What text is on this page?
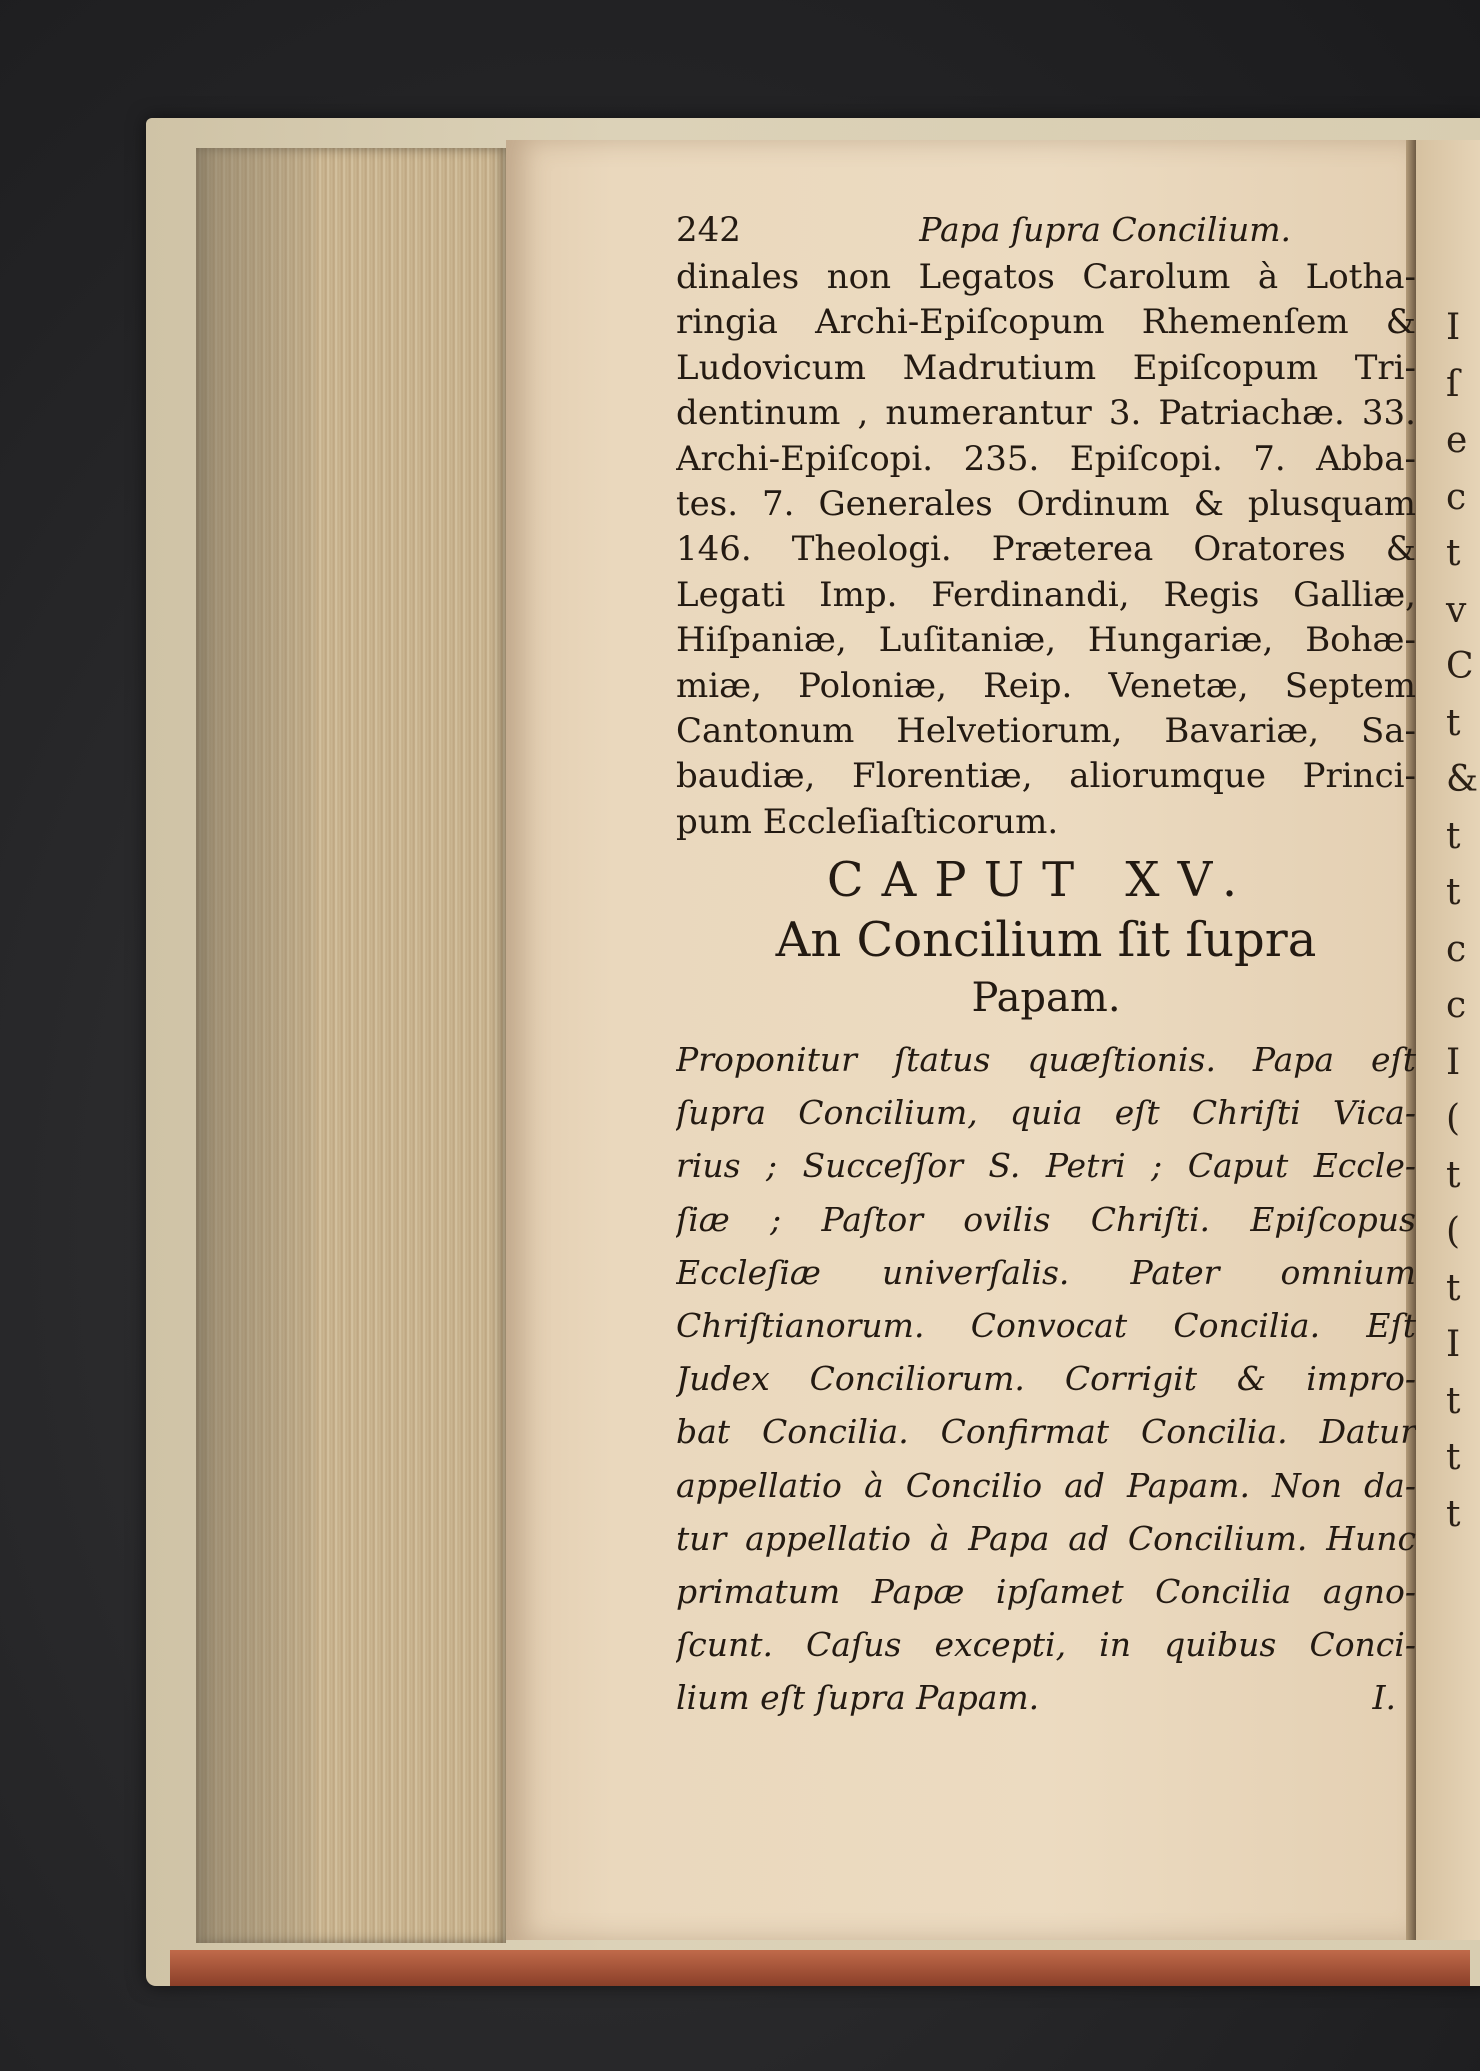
I
ſ
e
c
t
v
C
t
&
t
t
c
c
I
(
t
(
t
I
t
t
t
242	Papa ſupra Concilium.
dinales non Legatos Carolum à Lotha-
ringia Archi-Epiſcopum Rhemenſem &
Ludovicum Madrutium Epiſcopum Tri-
dentinum , numerantur 3. Patriachæ. 33.
Archi-Epiſcopi. 235. Epiſcopi. 7. Abba-
tes. 7. Generales Ordinum & plusquam
146. Theologi. Præterea Oratores &
Legati Imp. Ferdinandi, Regis Galliæ,
Hiſpaniæ, Luſitaniæ, Hungariæ, Bohæ-
miæ, Poloniæ, Reip. Venetæ, Septem
Cantonum Helvetiorum, Bavariæ, Sa-
baudiæ, Florentiæ, aliorumque Princi-
pum Eccleſiaſticorum.
CAPUT XV.
An Concilium ſit ſupra
Papam.
Proponitur ſtatus quæſtionis. Papa eſt
ſupra Concilium, quia eſt Chriſti Vica-
rius ; Succeſſor S. Petri ; Caput Eccle-
ſiæ ; Paſtor ovilis Chriſti. Epiſcopus
Eccleſiæ univerſalis. Pater omnium
Chriſtianorum. Convocat Concilia. Eſt
Judex Conciliorum. Corrigit & impro-
bat Concilia. Confirmat Concilia. Datur
appellatio à Concilio ad Papam. Non da-
tur appellatio à Papa ad Concilium. Hunc
primatum Papæ ipſamet Concilia agno-
ſcunt. Caſus excepti, in quibus Conci-
lium eſt ſupra Papam.	I.
